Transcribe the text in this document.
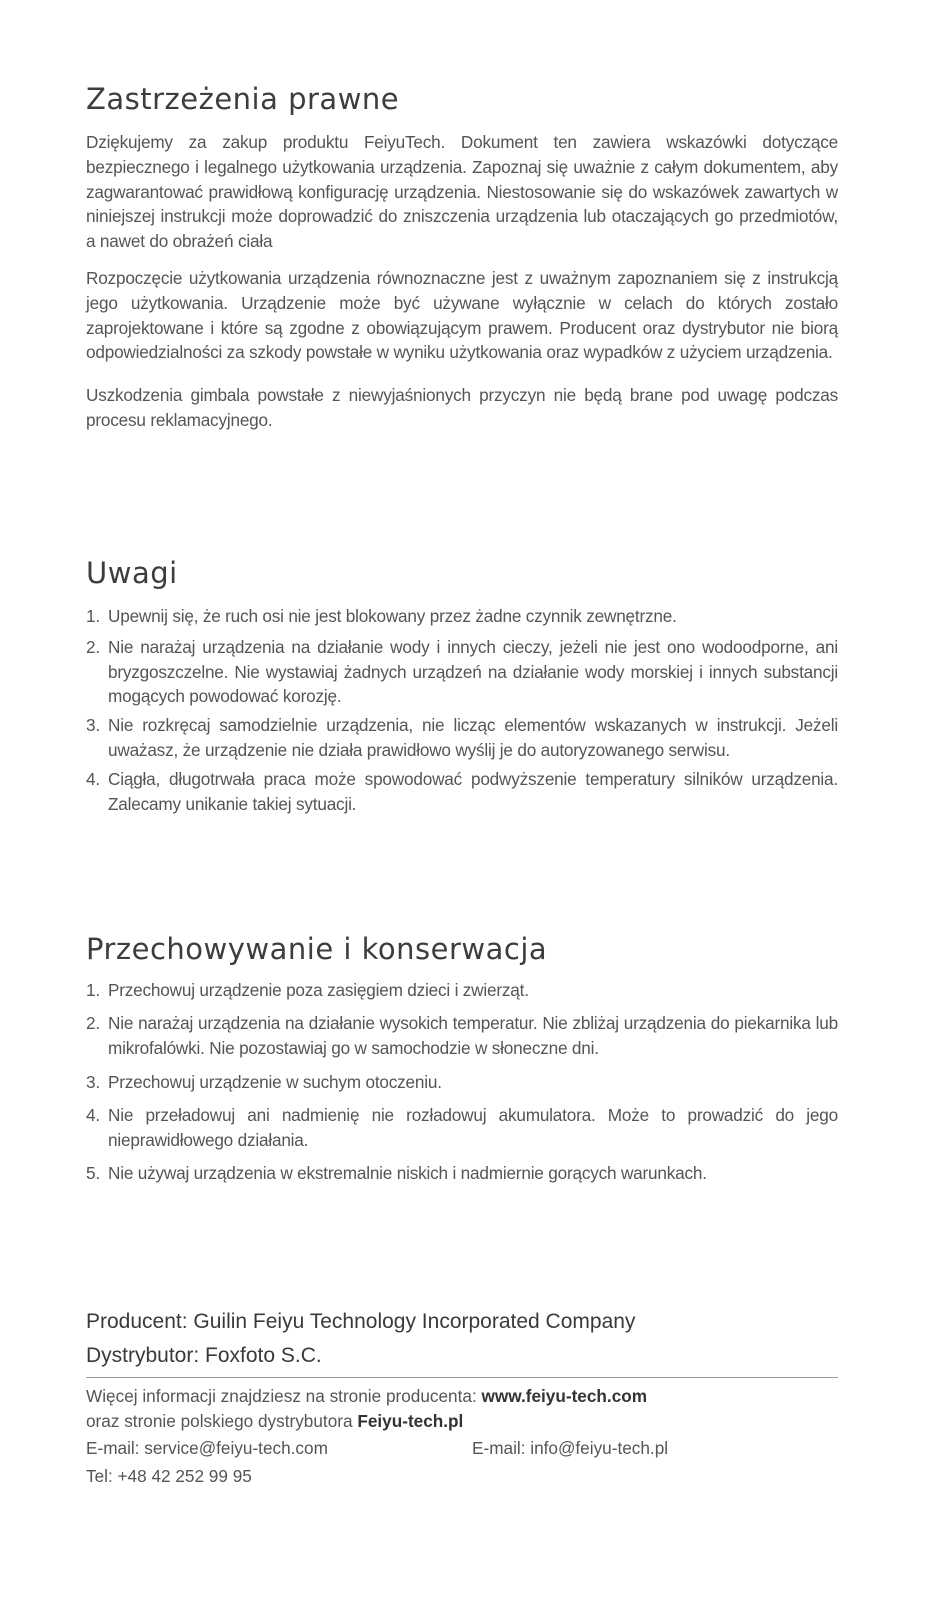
Zastrzeżenia prawne

Dziękujemy za zakup produktu FeiyuTech. Dokument ten zawiera wskazówki dotyczące bezpiecznego i legalnego użytkowania urządzenia. Zapoznaj się uważnie z całym dokumentem, aby zagwarantować prawidłową konfigurację urządzenia. Niestosowanie się do wskazówek zawartych w niniejszej instrukcji może doprowadzić do zniszczenia urządzenia lub otaczających go przedmiotów, a nawet do obrażeń ciała

Rozpoczęcie użytkowania urządzenia równoznaczne jest z uważnym zapoznaniem się z instrukcją jego użytkowania. Urządzenie może być używane wyłącznie w celach do których zostało zaprojektowane i które są zgodne z obowiązującym prawem. Producent oraz dystrybutor nie biorą odpowiedzialności za szkody powstałe w wyniku użytkowania oraz wypadków z użyciem urządzenia.

Uszkodzenia gimbala powstałe z niewyjaśnionych przyczyn nie będą brane pod uwagę podczas procesu reklamacyjnego.

Uwagi
1. Upewnij się, że ruch osi nie jest blokowany przez żadne czynnik zewnętrzne.
2. Nie narażaj urządzenia na działanie wody i innych cieczy, jeżeli nie jest ono wodoodporne, ani bryzgoszczelne. Nie wystawiaj żadnych urządzeń na działanie wody morskiej i innych substancji mogących powodować korozję.
3. Nie rozkręcaj samodzielnie urządzenia, nie licząc elementów wskazanych w instrukcji. Jeżeli uważasz, że urządzenie nie działa prawidłowo wyślij je do autoryzowanego serwisu.
4. Ciągła, długotrwała praca może spowodować podwyższenie temperatury silników urządzenia. Zalecamy unikanie takiej sytuacji.
Przechowywanie i konserwacja
1. Przechowuj urządzenie poza zasięgiem dzieci i zwierząt.
2. Nie narażaj urządzenia na działanie wysokich temperatur. Nie zbliżaj urządzenia do piekarnika lub mikrofalówki. Nie pozostawiaj go w samochodzie w słoneczne dni.
3. Przechowuj urządzenie w suchym otoczeniu.
4. Nie przeładowuj ani nadmienię nie rozładowuj akumulatora. Może to prowadzić do jego nieprawidłowego działania.
5. Nie używaj urządzenia w ekstremalnie niskich i nadmiernie gorących warunkach.
Producent: Guilin Feiyu Technology Incorporated Company
Dystrybutor: Foxfoto S.C.
Więcej informacji znajdziesz na stronie producenta: www.feiyu-tech.com
oraz stronie polskiego dystrybutora Feiyu-tech.pl
E-mail: service@feiyu-tech.com	E-mail: info@feiyu-tech.pl
Tel: +48 42 252 99 95
